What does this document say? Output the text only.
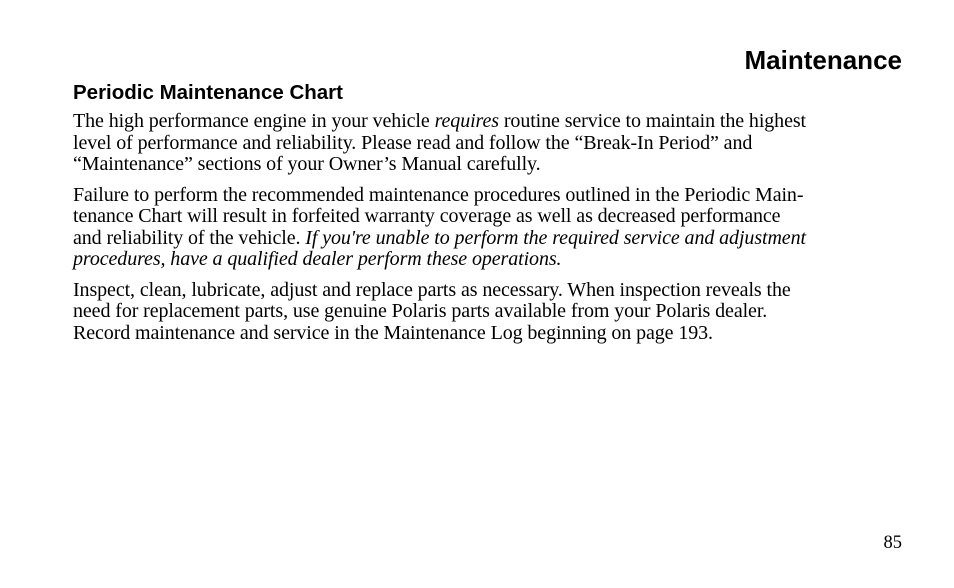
Maintenance
Periodic Maintenance Chart

The high performance engine in your vehicle requires routine service to maintain the highest
level of performance and reliability. Please read and follow the “Break-In Period” and
“Maintenance” sections of your Owner’s Manual carefully.

Failure to perform the recommended maintenance procedures outlined in the Periodic Main-
tenance Chart will result in forfeited warranty coverage as well as decreased performance
and reliability of the vehicle. If you're unable to perform the required service and adjustment
procedures, have a qualified dealer perform these operations.

Inspect, clean, lubricate, adjust and replace parts as necessary. When inspection reveals the
need for replacement parts, use genuine Polaris parts available from your Polaris dealer.
Record maintenance and service in the Maintenance Log beginning on page 193.

85
